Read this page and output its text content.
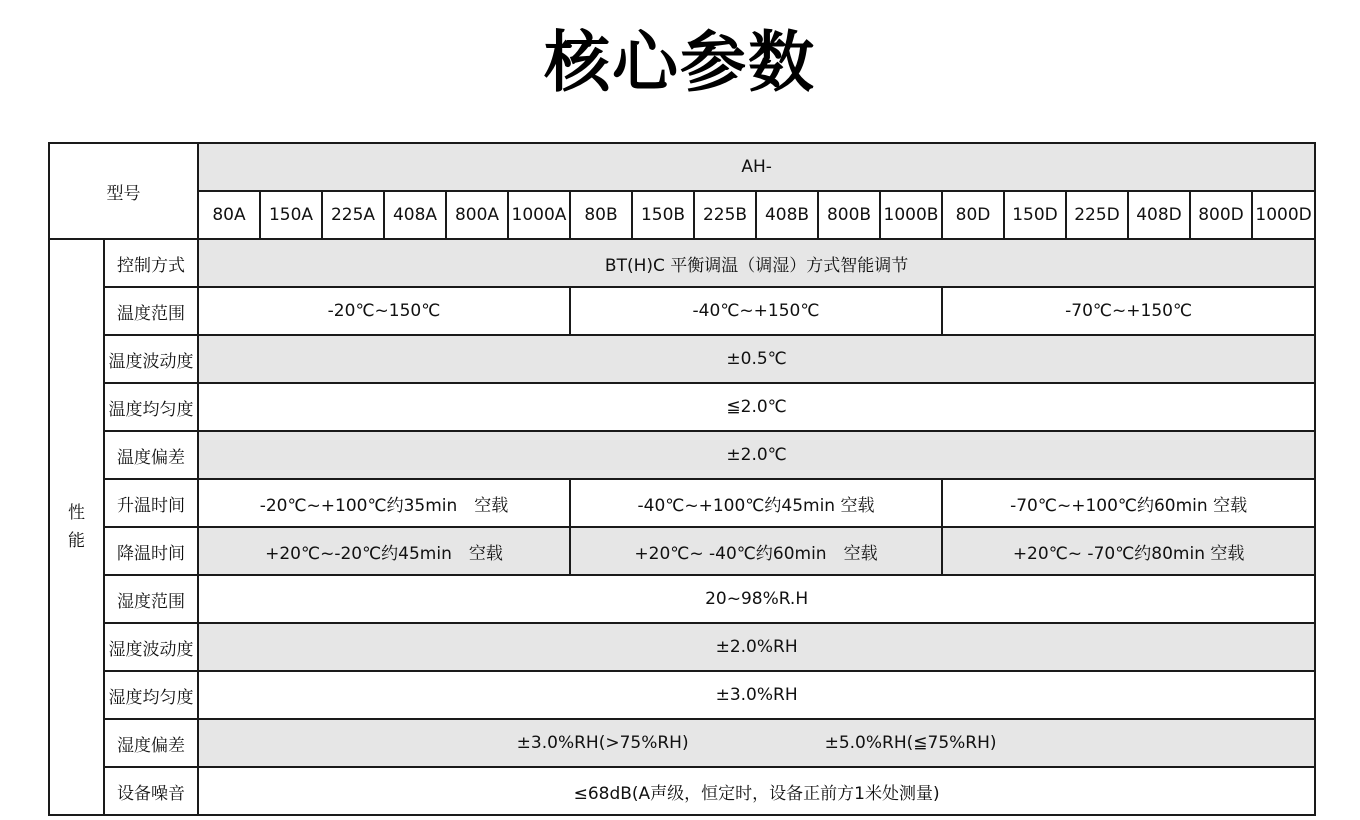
核心参数
型号		AH-																	
		80A	150A	225A	408A	800A	1000A	80B	150B	225B	408B	800B	1000B	80D	150D	225D	408D	800D	1000D

性
能	控制方式	BT(H)C 平衡调温（调湿）方式智能调节																	
	温度范围	-20℃~150℃						-40℃~+150℃						-70℃~+150℃					
	温度波动度	±0.5℃																	
	温度均匀度	≦2.0℃																	
	温度偏差	±2.0℃																	
	升温时间	-20℃~+100℃约35min　空载						-40℃~+100℃约45min 空载						-70℃~+100℃约60min 空载					
	降温时间	+20℃~-20℃约45min　空载						+20℃~ -40℃约60min　空载						+20℃~ -70℃约80min 空载					
	湿度范围	20~98%R.H																	
	湿度波动度	±2.0%RH																	
	湿度均匀度	±3.0%RH																	
	湿度偏差	±3.0%RH(>75%RH) ±5.0%RH(≦75%RH)																	

	设备噪音	≤68dB(A声级，恒定时，设备正前方1米处测量)																	
